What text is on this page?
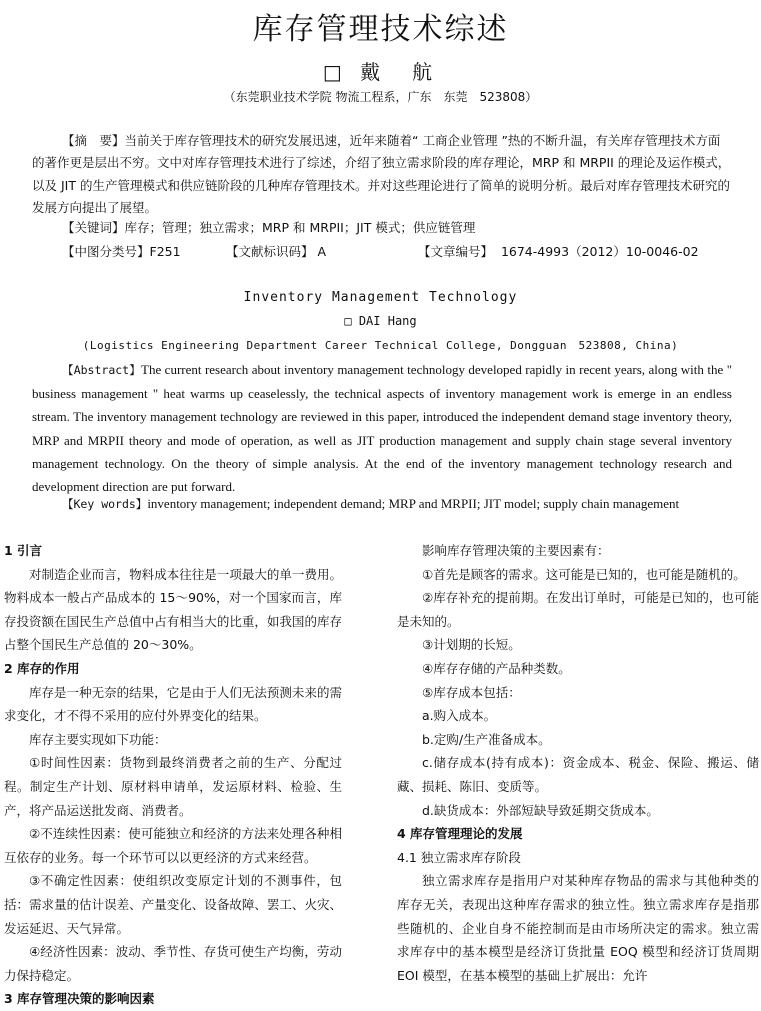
库存管理技术综述
□ 戴　航
（东莞职业技术学院 物流工程系，广东　东莞　523808）

【摘　要】当前关于库存管理技术的研究发展迅速，近年来随着“ 工商企业管理 ”热的不断升温，有关库存管理技术方面的著作更是层出不穷。文中对库存管理技术进行了综述，介绍了独立需求阶段的库存理论，MRP 和 MRPII 的理论及运作模式，以及 JIT 的生产管理模式和供应链阶段的几种库存管理技术。并对这些理论进行了简单的说明分析。最后对库存管理技术研究的发展方向提出了展望。

【关键词】库存；管理；独立需求；MRP 和 MRPII；JIT 模式；供应链管理
【中图分类号】F251	【文献标识码】 A	【文章编号】 1674-4993（2012）10-0046-02
Inventory Management Technology
□ DAI Hang
(Logistics Engineering Department Career Technical College, Dongguan　523808, China)

【Abstract】The current research about inventory management technology developed rapidly in recent years, along with the " business management " heat warms up ceaselessly, the technical aspects of inventory management work is emerge in an endless stream. The inventory management technology are reviewed in this paper, introduced the independent demand stage inventory theory, MRP and MRPII theory and mode of operation, as well as JIT production management and supply chain stage several inventory management technology. On the theory of simple analysis. At the end of the inventory management technology research and development direction are put forward.

【Key words】inventory management; independent demand; MRP and MRPII; JIT model; supply chain management

1 引言

对制造企业而言，物料成本往往是一项最大的单一费用。物料成本一般占产品成本的 15～90%，对一个国家而言，库存投资额在国民生产总值中占有相当大的比重，如我国的库存占整个国民生产总值的 20～30%。

2 库存的作用

库存是一种无奈的结果，它是由于人们无法预测未来的需求变化，才不得不采用的应付外界变化的结果。

库存主要实现如下功能：

①时间性因素：货物到最终消费者之前的生产、分配过程。制定生产计划、原材料申请单，发运原材料、检验、生产，将产品运送批发商、消费者。

②不连续性因素：使可能独立和经济的方法来处理各种相互依存的业务。每一个环节可以以更经济的方式来经营。

③不确定性因素：使组织改变原定计划的不测事件，包括：需求量的估计误差、产量变化、设备故障、罢工、火灾、发运延迟、天气异常。

④经济性因素：波动、季节性、存货可使生产均衡，劳动力保持稳定。

3 库存管理决策的影响因素

影响库存管理决策的主要因素有：

①首先是顾客的需求。这可能是已知的，也可能是随机的。

②库存补充的提前期。在发出订单时，可能是已知的，也可能是未知的。

③计划期的长短。

④库存存储的产品种类数。

⑤库存成本包括：

a.购入成本。

b.定购/生产准备成本。

c.储存成本(持有成本)：资金成本、税金、保险、搬运、储藏、损耗、陈旧、变质等。

d.缺货成本：外部短缺导致延期交货成本。

4 库存管理理论的发展

4.1 独立需求库存阶段

独立需求库存是指用户对某种库存物品的需求与其他种类的库存无关，表现出这种库存需求的独立性。独立需求库存是指那些随机的、企业自身不能控制而是由市场所决定的需求。独立需求库存中的基本模型是经济订货批量 EOQ 模型和经济订货周期 EOI 模型，在基本模型的基础上扩展出：允许
